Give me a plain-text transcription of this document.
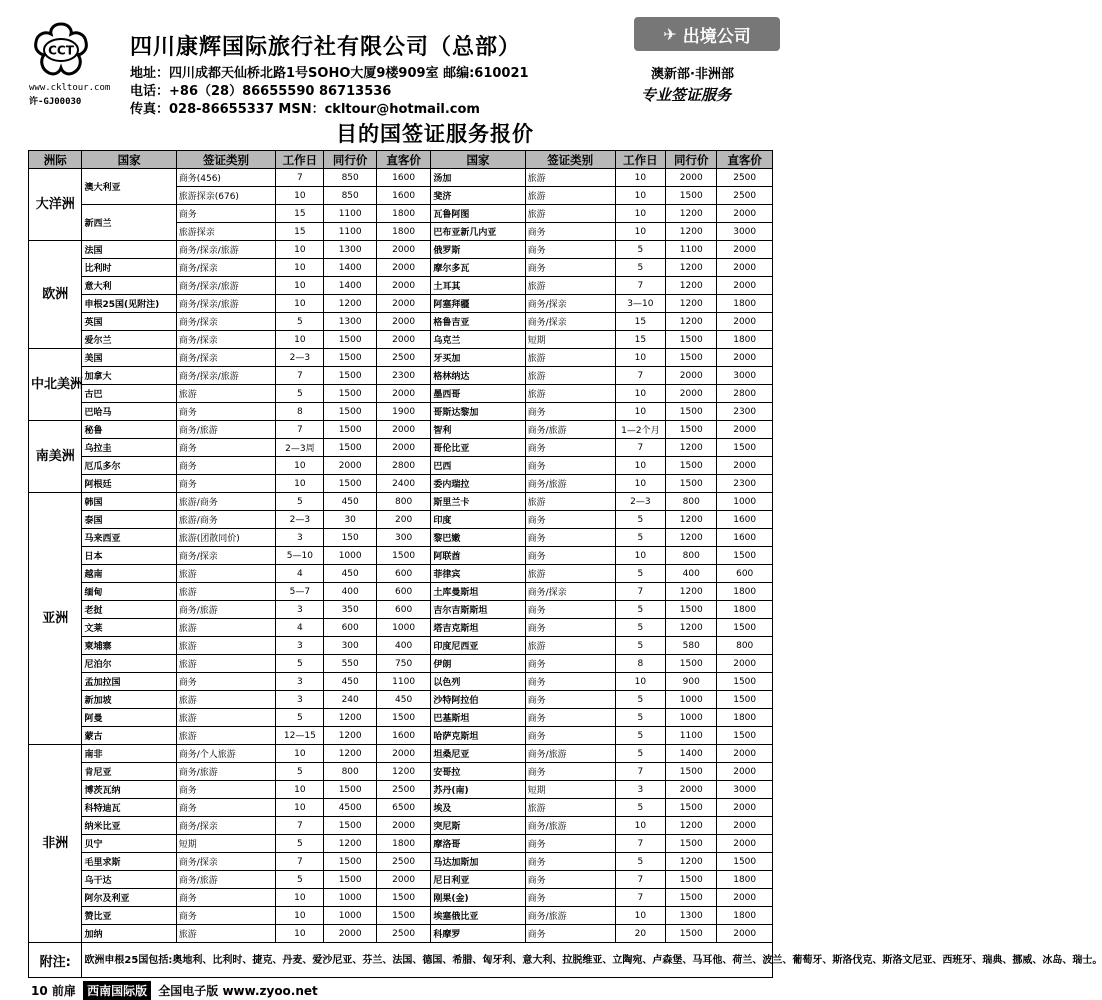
CCT
www.ckltour.com
许-GJ00030
四川康辉国际旅行社有限公司（总部）
地址：四川成都天仙桥北路1号SOHO大厦9楼909室 邮编:610021
电话：+86（28）86655590 86713536
传真：028-86655337 MSN：ckltour@hotmail.com
✈ 出境公司
澳新部·非洲部
专业签证服务
目的国签证服务报价
洲际	国家	签证类别	工作日	同行价	直客价	国家	签证类别	工作日	同行价	直客价
大洋洲	澳大利亚	商务(456)	7	850	1600	汤加	旅游	10	2000	2500
		旅游探亲(676)	10	850	1600	斐济	旅游	10	1500	2500
	新西兰	商务	15	1100	1800	瓦鲁阿图	旅游	10	1200	2000
		旅游探亲	15	1100	1800	巴布亚新几内亚	商务	10	1200	3000
欧洲	法国	商务/探亲/旅游	10	1300	2000	俄罗斯	商务	5	1100	2000
	比利时	商务/探亲	10	1400	2000	摩尔多瓦	商务	5	1200	2000
	意大利	商务/探亲/旅游	10	1400	2000	土耳其	旅游	7	1200	2000
	申根25国(见附注)	商务/探亲/旅游	10	1200	2000	阿塞拜疆	商务/探亲	3—10	1200	1800
	英国	商务/探亲	5	1300	2000	格鲁吉亚	商务/探亲	15	1200	2000
	爱尔兰	商务/探亲	10	1500	2000	乌克兰	短期	15	1500	1800
中北美洲	美国	商务/探亲	2—3	1500	2500	牙买加	旅游	10	1500	2000
	加拿大	商务/探亲/旅游	7	1500	2300	格林纳达	旅游	7	2000	3000
	古巴	旅游	5	1500	2000	墨西哥	旅游	10	2000	2800
	巴哈马	商务	8	1500	1900	哥斯达黎加	商务	10	1500	2300
南美洲	秘鲁	商务/旅游	7	1500	2000	智利	商务/旅游	1—2个月	1500	2000
	乌拉圭	商务	2—3周	1500	2000	哥伦比亚	商务	7	1200	1500
	厄瓜多尔	商务	10	2000	2800	巴西	商务	10	1500	2000
	阿根廷	商务	10	1500	2400	委内瑞拉	商务/旅游	10	1500	2300
亚洲	韩国	旅游/商务	5	450	800	斯里兰卡	旅游	2—3	800	1000
	泰国	旅游/商务	2—3	30	200	印度	商务	5	1200	1600
	马来西亚	旅游(团散同价)	3	150	300	黎巴嫩	商务	5	1200	1600
	日本	商务/探亲	5—10	1000	1500	阿联酋	商务	10	800	1500
	越南	旅游	4	450	600	菲律宾	旅游	5	400	600
	缅甸	旅游	5—7	400	600	土库曼斯坦	商务/探亲	7	1200	1800
	老挝	商务/旅游	3	350	600	吉尔吉斯斯坦	商务	5	1500	1800
	文莱	旅游	4	600	1000	塔吉克斯坦	商务	5	1200	1500
	柬埔寨	旅游	3	300	400	印度尼西亚	旅游	5	580	800
	尼泊尔	旅游	5	550	750	伊朗	商务	8	1500	2000
	孟加拉国	商务	3	450	1100	以色列	商务	10	900	1500
	新加坡	旅游	3	240	450	沙特阿拉伯	商务	5	1000	1500
	阿曼	旅游	5	1200	1500	巴基斯坦	商务	5	1000	1800
	蒙古	旅游	12—15	1200	1600	哈萨克斯坦	商务	5	1100	1500
非洲	南非	商务/个人旅游	10	1200	2000	坦桑尼亚	商务/旅游	5	1400	2000
	肯尼亚	商务/旅游	5	800	1200	安哥拉	商务	7	1500	2000
	博茨瓦纳	商务	10	1500	2500	苏丹(南)	短期	3	2000	3000
	科特迪瓦	商务	10	4500	6500	埃及	旅游	5	1500	2000
	纳米比亚	商务/探亲	7	1500	2000	突尼斯	商务/旅游	10	1200	2000
	贝宁	短期	5	1200	1800	摩洛哥	商务	7	1500	2000
	毛里求斯	商务/探亲	7	1500	2500	马达加斯加	商务	5	1200	1500
	乌干达	商务/旅游	5	1500	2000	尼日利亚	商务	7	1500	1800
	阿尔及利亚	商务	10	1000	1500	刚果(金)	商务	7	1500	2000
	赞比亚	商务	10	1000	1500	埃塞俄比亚	商务/旅游	10	1300	1800
	加纳	旅游	10	2000	2500	科摩罗	商务	20	1500	2000
附注:	欧洲申根25国包括:奥地利、比利时、捷克、丹麦、爱沙尼亚、芬兰、法国、德国、希腊、匈牙利、意大利、拉脱维亚、立陶宛、卢森堡、马耳他、荷兰、波兰、葡萄牙、斯洛伐克、斯洛文尼亚、西班牙、瑞典、挪威、冰岛、瑞士。									
10 前扉 西南国际版 全国电子版 www.zyoo.net
